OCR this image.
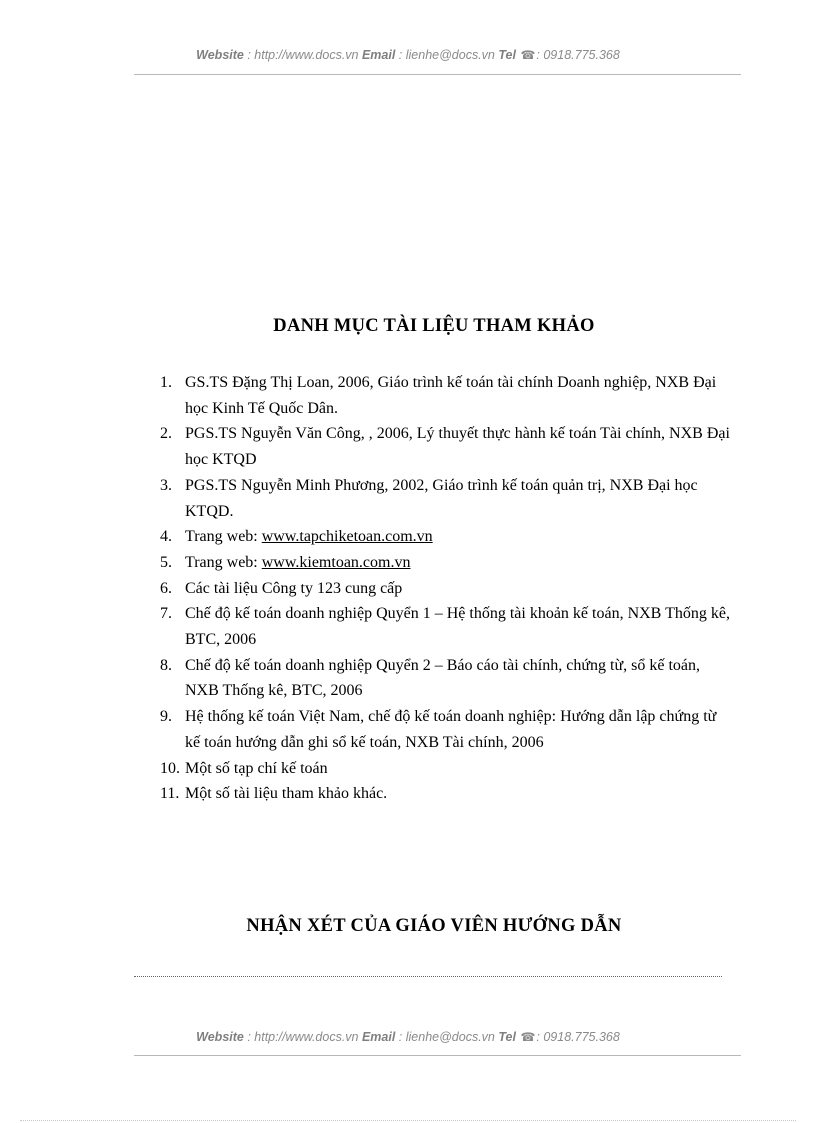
Website : http://www.docs.vn Email : lienhe@docs.vn Tel ☎: 0918.775.368
DANH MỤC TÀI LIỆU THAM KHẢO
1. GS.TS Đặng Thị Loan, 2006, Giáo trình kế toán tài chính Doanh nghiệp, NXB Đại học Kinh Tế Quốc Dân.
2. PGS.TS Nguyễn Văn Công, , 2006, Lý thuyết thực hành kế toán Tài chính, NXB Đại học KTQD
3. PGS.TS Nguyễn Minh Phương, 2002, Giáo trình kế toán quản trị, NXB Đại học KTQD.
4. Trang web: www.tapchiketoan.com.vn
5. Trang web: www.kiemtoan.com.vn
6. Các tài liệu Công ty 123 cung cấp
7. Chế độ kế toán doanh nghiệp Quyển 1 – Hệ thống tài khoản kế toán, NXB Thống kê, BTC, 2006
8. Chế độ kế toán doanh nghiệp Quyển 2 – Báo cáo tài chính, chứng từ, sổ kế toán, NXB Thống kê, BTC, 2006
9. Hệ thống kế toán Việt Nam, chế độ kế toán doanh nghiệp: Hướng dẫn lập chứng từ kế toán hướng dẫn ghi sổ kế toán, NXB Tài chính, 2006
10. Một số tạp chí kế toán
11. Một số tài liệu tham khảo khác.
NHẬN XÉT CỦA GIÁO VIÊN HƯỚNG DẪN
Website : http://www.docs.vn Email : lienhe@docs.vn Tel ☎: 0918.775.368
